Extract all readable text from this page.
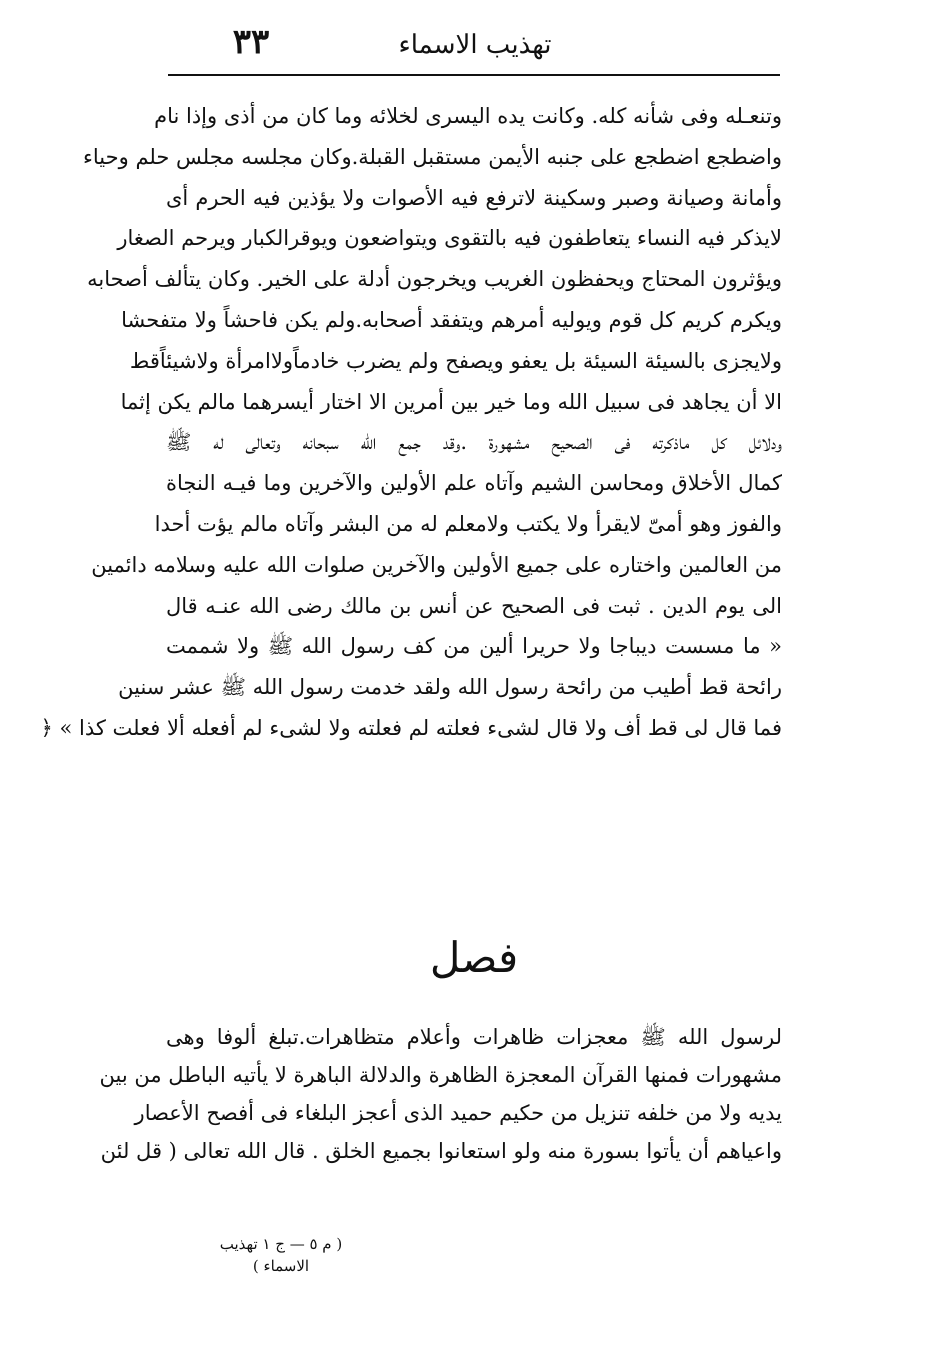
تهذيب الاسماء
٣٣
وتنعـله وفى شأنه كله. وكانت يده اليسرى لخلائه وما كان من أذى وإذا نام
واضطجع اضطجع على جنبه الأيمن مستقبل القبلة.وكان مجلسه مجلس حلم وحياء
وأمانة وصيانة وصبر وسكينة لاترفع فيه الأصوات ولا يؤذين فيه الحرم أى
لايذكر فيه النساء يتعاطفون فيه بالتقوى ويتواضعون ويوقرالكبار ويرحم الصغار
ويؤثرون المحتاج ويحفظون الغريب ويخرجون أدلة على الخير. وكان يتألف أصحابه
ويكرم كريم كل قوم ويوليه أمرهم ويتفقد أصحابه.ولم يكن فاحشاً ولا متفحشا
ولايجزى بالسيئة السيئة بل يعفو ويصفح ولم يضرب خادماًولاامرأة ولاشيئاًقط
الا أن يجاهد فى سبيل الله وما خير بين أمرين الا اختار أيسرهما مالم يكن إثما
ودلائل كل ماذكرته فى الصحيح مشهورة .وقد جمع الله سبحانه وتعالى له ﷺ
كمال الأخلاق ومحاسن الشيم وآتاه علم الأولين والآخرين وما فيـه النجاة
والفوز وهو أمىّ لايقرأ ولا يكتب ولامعلم له من البشر وآتاه مالم يؤت أحدا
من العالمين واختاره على جميع الأولين والآخرين صلوات الله عليه وسلامه دائمين
الى يوم الدين . ثبت فى الصحيح عن أنس بن مالك رضى الله عنـه قال
« ما مسست ديباجا ولا حريرا ألين من كف رسول الله ﷺ ولا شممت
رائحة قط أطيب من رائحة رسول الله ولقد خدمت رسول الله ﷺ عشر سنين
فما قال لى قط أف ولا قال لشىء فعلته لم فعلته ولا لشىء لم أفعله ألا فعلت كذا » ﴿
فصل
لرسول الله ﷺ معجزات ظاهرات وأعلام متظاهرات.تبلغ ألوفا وهى
مشهورات فمنها القرآن المعجزة الظاهرة والدلالة الباهرة لا يأتيه الباطل من بين
يديه ولا من خلفه تنزيل من حكيم حميد الذى أعجز البلغاء فى أفصح الأعصار
واعياهم أن يأتوا بسورة منه ولو استعانوا بجميع الخلق . قال الله تعالى ( قل لئن
( م ٥ — ج ١ تهذيب الاسماء )
